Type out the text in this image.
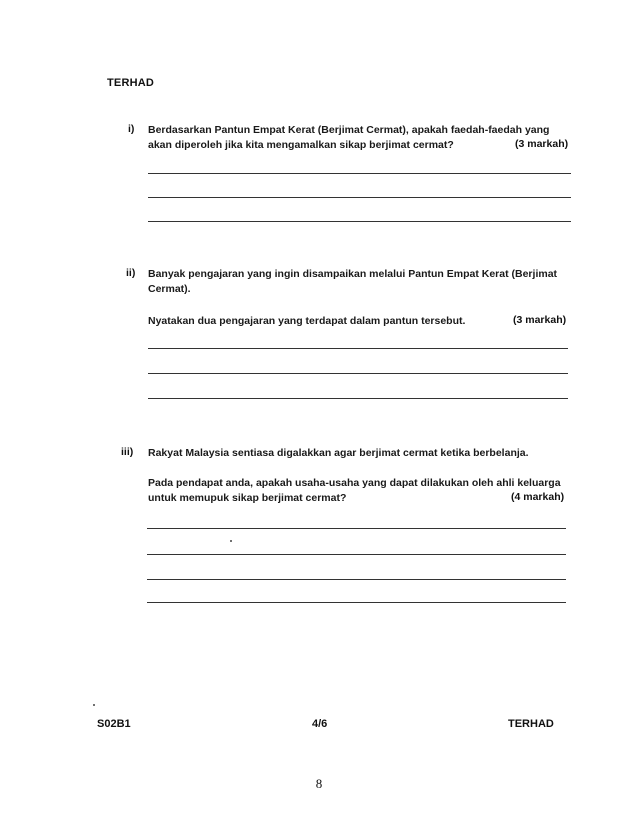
TERHAD
i) Berdasarkan Pantun Empat Kerat (Berjimat Cermat), apakah faedah-faedah yang
akan diperoleh jika kita mengamalkan sikap berjimat cermat?	(3 markah)
ii) Banyak pengajaran yang ingin disampaikan melalui Pantun Empat Kerat (Berjimat
Cermat).
Nyatakan dua pengajaran yang terdapat dalam pantun tersebut.	(3 markah)
iii) Rakyat Malaysia sentiasa digalakkan agar berjimat cermat ketika berbelanja.
Pada pendapat anda, apakah usaha-usaha yang dapat dilakukan oleh ahli keluarga
untuk memupuk sikap berjimat cermat?	(4 markah)
S02B1	4/6	TERHAD
8
